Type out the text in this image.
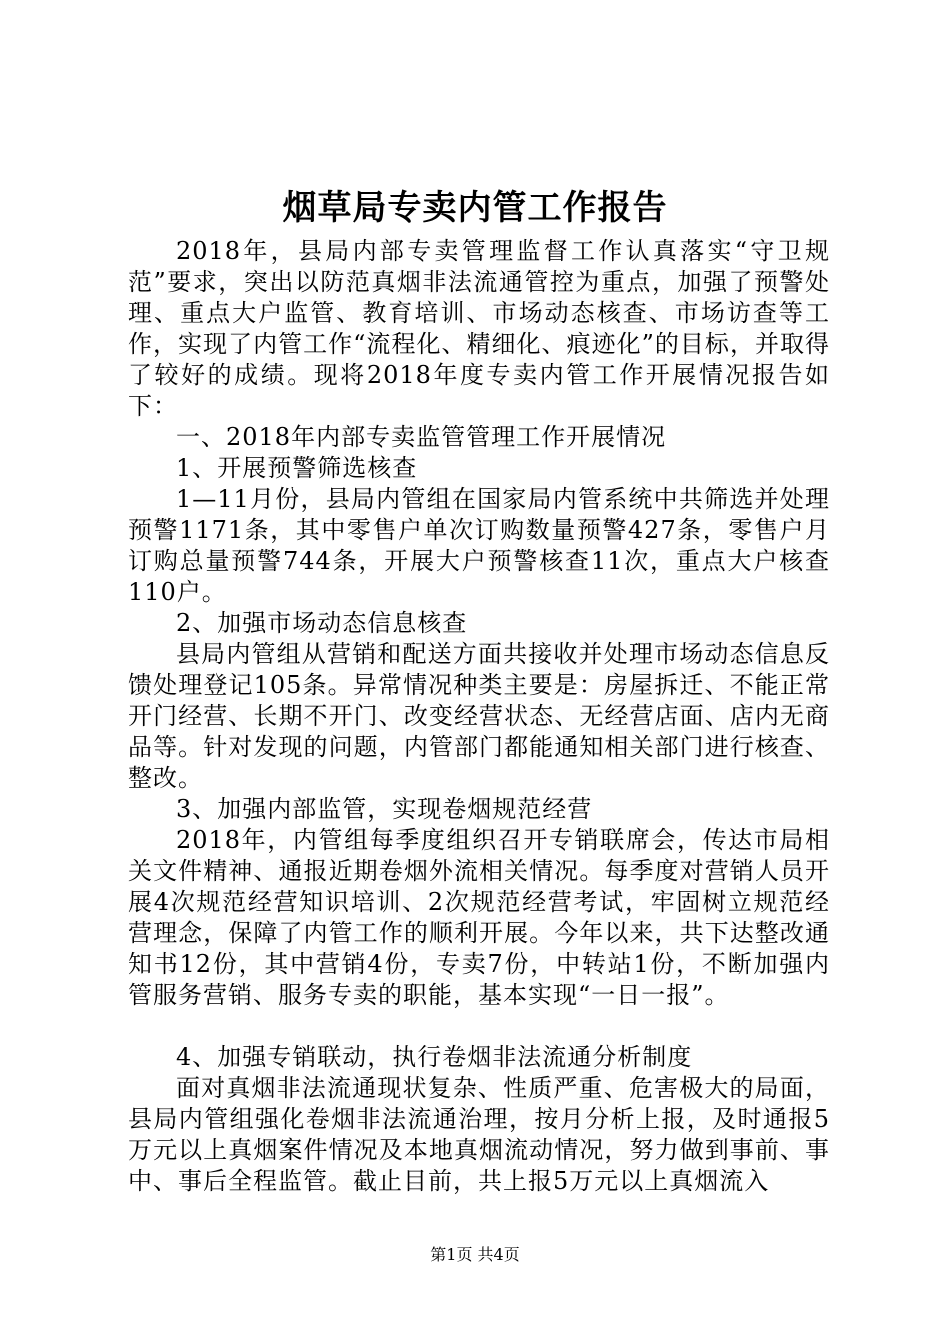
烟草局专卖内管工作报告

2018年，县局内部专卖管理监督工作认真落实“守卫规范”要求，突出以防范真烟非法流通管控为重点，加强了预警处理、重点大户监管、教育培训、市场动态核查、市场访查等工作，实现了内管工作“流程化、精细化、痕迹化”的目标，并取得了较好的成绩。现将2018年度专卖内管工作开展情况报告如下：

一、2018年内部专卖监管管理工作开展情况

1、开展预警筛选核查

1—11月份，县局内管组在国家局内管系统中共筛选并处理预警1171条，其中零售户单次订购数量预警427条，零售户月订购总量预警744条，开展大户预警核查11次，重点大户核查110户。

2、加强市场动态信息核查

县局内管组从营销和配送方面共接收并处理市场动态信息反馈处理登记105条。异常情况种类主要是：房屋拆迁、不能正常开门经营、长期不开门、改变经营状态、无经营店面、店内无商品等。针对发现的问题，内管部门都能通知相关部门进行核查、整改。

3、加强内部监管，实现卷烟规范经营

2018年，内管组每季度组织召开专销联席会，传达市局相关文件精神、通报近期卷烟外流相关情况。每季度对营销人员开展4次规范经营知识培训、2次规范经营考试，牢固树立规范经营理念，保障了内管工作的顺利开展。今年以来，共下达整改通知书12份，其中营销4份，专卖7份，中转站1份，不断加强内管服务营销、服务专卖的职能，基本实现“一日一报”。

4、加强专销联动，执行卷烟非法流通分析制度

面对真烟非法流通现状复杂、性质严重、危害极大的局面，县局内管组强化卷烟非法流通治理，按月分析上报，及时通报5万元以上真烟案件情况及本地真烟流动情况，努力做到事前、事中、事后全程监管。截止目前，共上报5万元以上真烟流入

第1页 共4页
